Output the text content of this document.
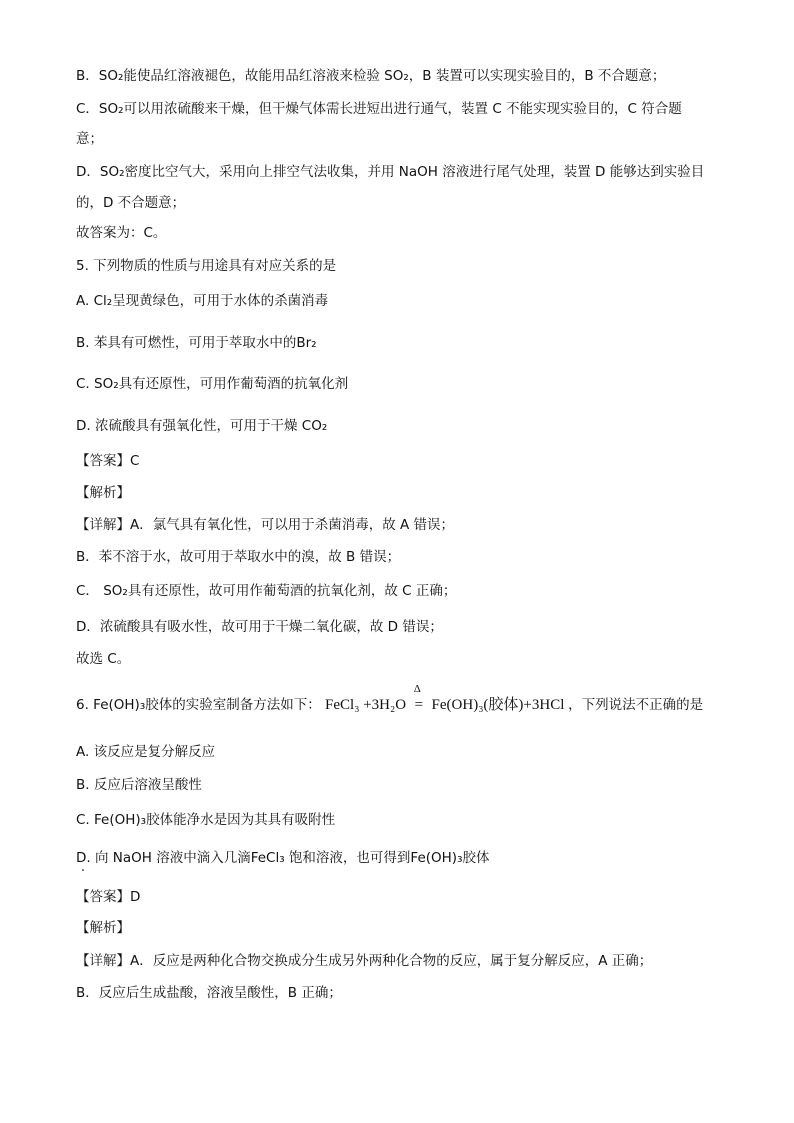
B．SO₂能使品红溶液褪色，故能用品红溶液来检验 SO₂，B 装置可以实现实验目的，B 不合题意；
C．SO₂可以用浓硫酸来干燥，但干燥气体需长进短出进行通气，装置 C 不能实现实验目的，C 符合题
意；
D．SO₂密度比空气大，采用向上排空气法收集，并用 NaOH 溶液进行尾气处理，装置 D 能够达到实验目
的，D 不合题意；
故答案为：C。
5. 下列物质的性质与用途具有对应关系的是
A. Cl₂呈现黄绿色，可用于水体的杀菌消毒
B. 苯具有可燃性，可用于萃取水中的Br₂
C. SO₂具有还原性，可用作葡萄酒的抗氧化剂
D. 浓硫酸具有强氧化性，可用于干燥 CO₂
【答案】C
【解析】
【详解】A．氯气具有氧化性，可以用于杀菌消毒，故 A 错误；
B．苯不溶于水，故可用于萃取水中的溴，故 B 错误；
C． SO₂具有还原性，故可用作葡萄酒的抗氧化剂，故 C 正确；
D．浓硫酸具有吸水性，故可用于干燥二氧化碳，故 D 错误；
故选 C。
6. Fe(OH)₃胶体的实验室制备方法如下： FeCl₃ +3H₂O
Δ
= Fe(OH)₃(胶体)+3HCl ，下列说法不正确的是
A. 该反应是复分解反应
B. 反应后溶液呈酸性
C. Fe(OH)₃胶体能净水是因为其具有吸附性
D. 向 NaOH 溶液中滴入几滴FeCl₃ 饱和溶液，也可得到Fe(OH)₃胶体
【答案】D
【解析】
【详解】A．反应是两种化合物交换成分生成另外两种化合物的反应，属于复分解反应，A 正确；
B．反应后生成盐酸，溶液呈酸性，B 正确；
